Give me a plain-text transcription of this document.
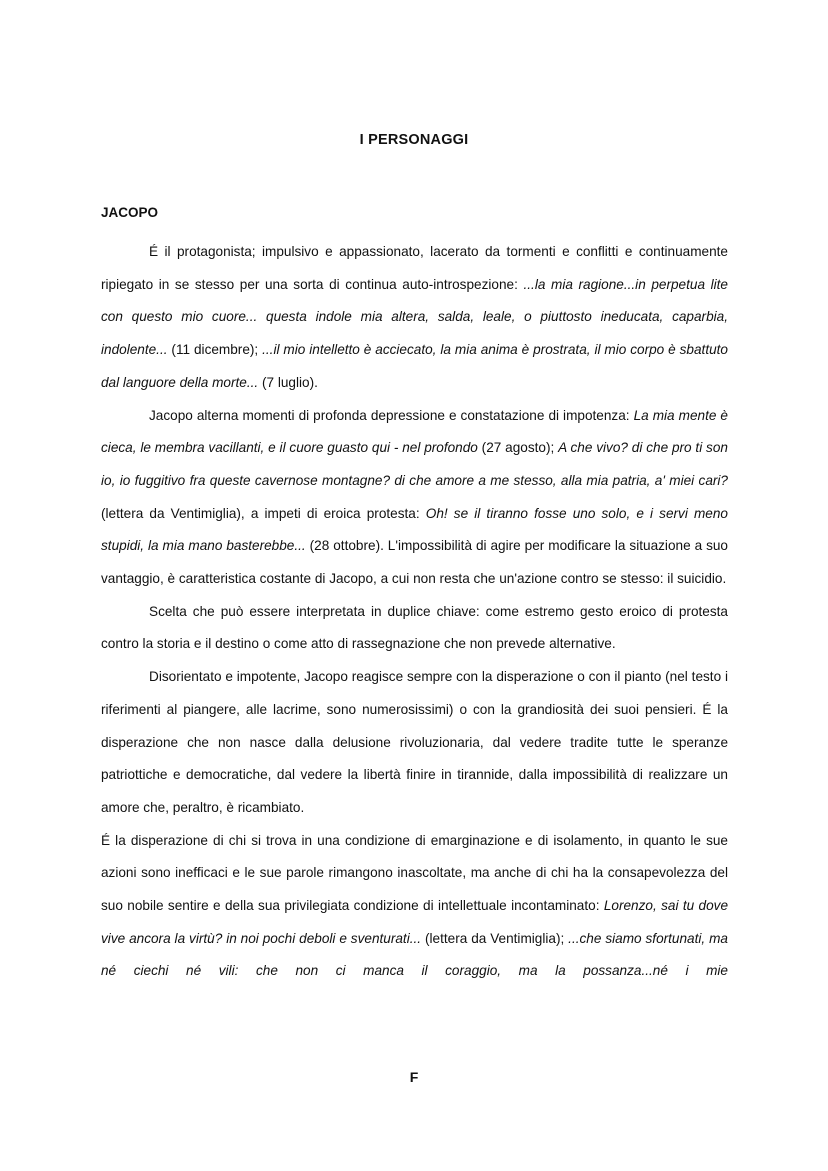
I PERSONAGGI
JACOPO

É il protagonista; impulsivo e appassionato, lacerato da tormenti e conflitti e continuamente ripiegato in se stesso per una sorta di continua auto-introspezione: ...la mia ragione...in perpetua lite con questo mio cuore... questa indole mia altera, salda, leale, o piuttosto ineducata, caparbia, indolente... (11 dicembre); ...il mio intelletto è acciecato, la mia anima è prostrata, il mio corpo è sbattuto dal languore della morte... (7 luglio).

Jacopo alterna momenti di profonda depressione e constatazione di impotenza: La mia mente è cieca, le membra vacillanti, e il cuore guasto qui - nel profondo (27 agosto); A che vivo? di che pro ti son io, io fuggitivo fra queste cavernose montagne? di che amore a me stesso, alla mia patria, a' miei cari? (lettera da Ventimiglia), a impeti di eroica protesta: Oh! se il tiranno fosse uno solo, e i servi meno stupidi, la mia mano basterebbe... (28 ottobre). L'impossibilità di agire per modificare la situazione a suo vantaggio, è caratteristica costante di Jacopo, a cui non resta che un'azione contro se stesso: il suicidio.

Scelta che può essere interpretata in duplice chiave: come estremo gesto eroico di protesta contro la storia e il destino o come atto di rassegnazione che non prevede alternative.

Disorientato e impotente, Jacopo reagisce sempre con la disperazione o con il pianto (nel testo i riferimenti al piangere, alle lacrime, sono numerosissimi) o con la grandiosità dei suoi pensieri. É la disperazione che non nasce dalla delusione rivoluzionaria, dal vedere tradite tutte le speranze patriottiche e democratiche, dal vedere la libertà finire in tirannide, dalla impossibilità di realizzare un amore che, peraltro, è ricambiato.

É la disperazione di chi si trova in una condizione di emarginazione e di isolamento, in quanto le sue azioni sono inefficaci e le sue parole rimangono inascoltate, ma anche di chi ha la consapevolezza del suo nobile sentire e della sua privilegiata condizione di intellettuale incontaminato: Lorenzo, sai tu dove vive ancora la virtù? in noi pochi deboli e sventurati... (lettera da Ventimiglia); ...che siamo sfortunati, ma né ciechi né vili: che non ci manca il coraggio, ma la possanza...né i mie

F
